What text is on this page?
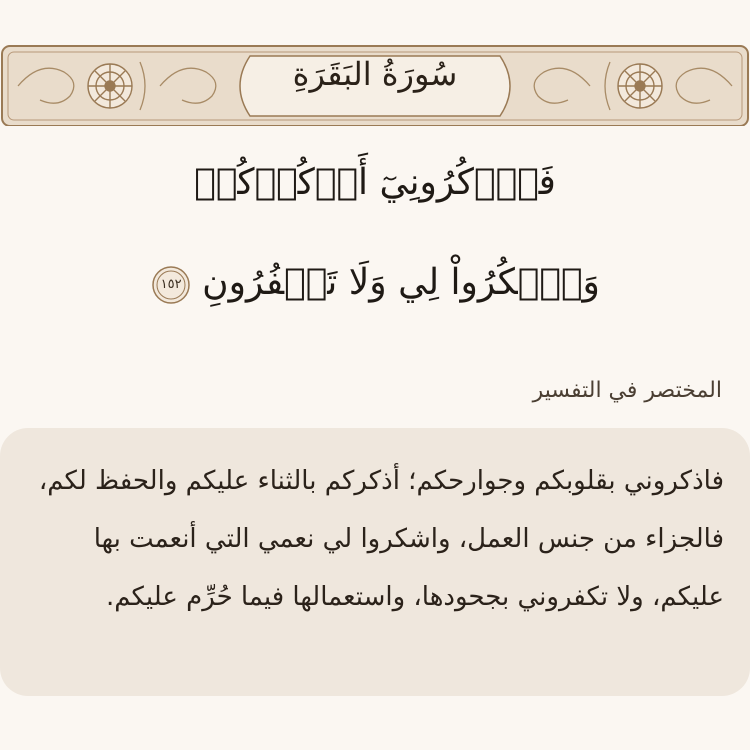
سُورَةُ البَقَرَةِ
فَٱذۡكُرُونِيٓ أَذۡكُرۡكُمۡ
وَٱشۡكُرُواْ لِي وَلَا تَكۡفُرُونِ
١٥٢
المختصر في التفسير
فاذكروني بقلوبكم وجوارحكم؛ أذكركم بالثناء عليكم والحفظ لكم، فالجزاء من جنس العمل، واشكروا لي نعمي التي أنعمت بها عليكم، ولا تكفروني بجحودها، واستعمالها فيما حُرِّم عليكم.
